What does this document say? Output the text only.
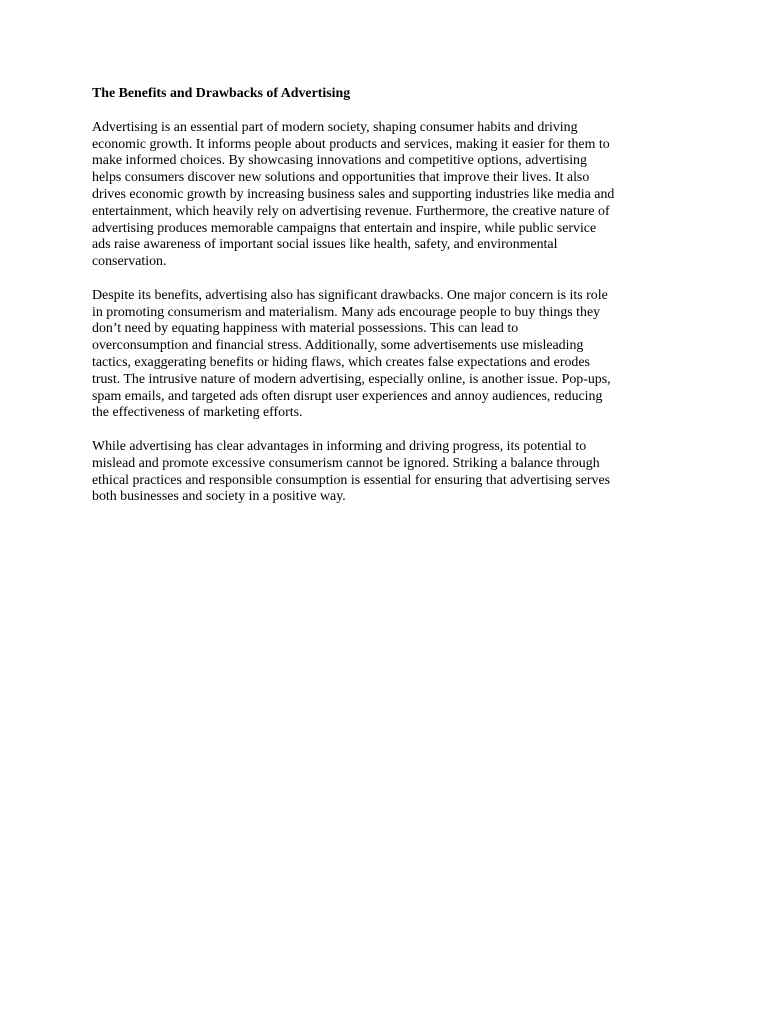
The Benefits and Drawbacks of Advertising
Advertising is an essential part of modern society, shaping consumer habits and driving
economic growth. It informs people about products and services, making it easier for them to
make informed choices. By showcasing innovations and competitive options, advertising
helps consumers discover new solutions and opportunities that improve their lives. It also
drives economic growth by increasing business sales and supporting industries like media and
entertainment, which heavily rely on advertising revenue. Furthermore, the creative nature of
advertising produces memorable campaigns that entertain and inspire, while public service
ads raise awareness of important social issues like health, safety, and environmental
conservation.
Despite its benefits, advertising also has significant drawbacks. One major concern is its role
in promoting consumerism and materialism. Many ads encourage people to buy things they
don’t need by equating happiness with material possessions. This can lead to
overconsumption and financial stress. Additionally, some advertisements use misleading
tactics, exaggerating benefits or hiding flaws, which creates false expectations and erodes
trust. The intrusive nature of modern advertising, especially online, is another issue. Pop-ups,
spam emails, and targeted ads often disrupt user experiences and annoy audiences, reducing
the effectiveness of marketing efforts.
While advertising has clear advantages in informing and driving progress, its potential to
mislead and promote excessive consumerism cannot be ignored. Striking a balance through
ethical practices and responsible consumption is essential for ensuring that advertising serves
both businesses and society in a positive way.
